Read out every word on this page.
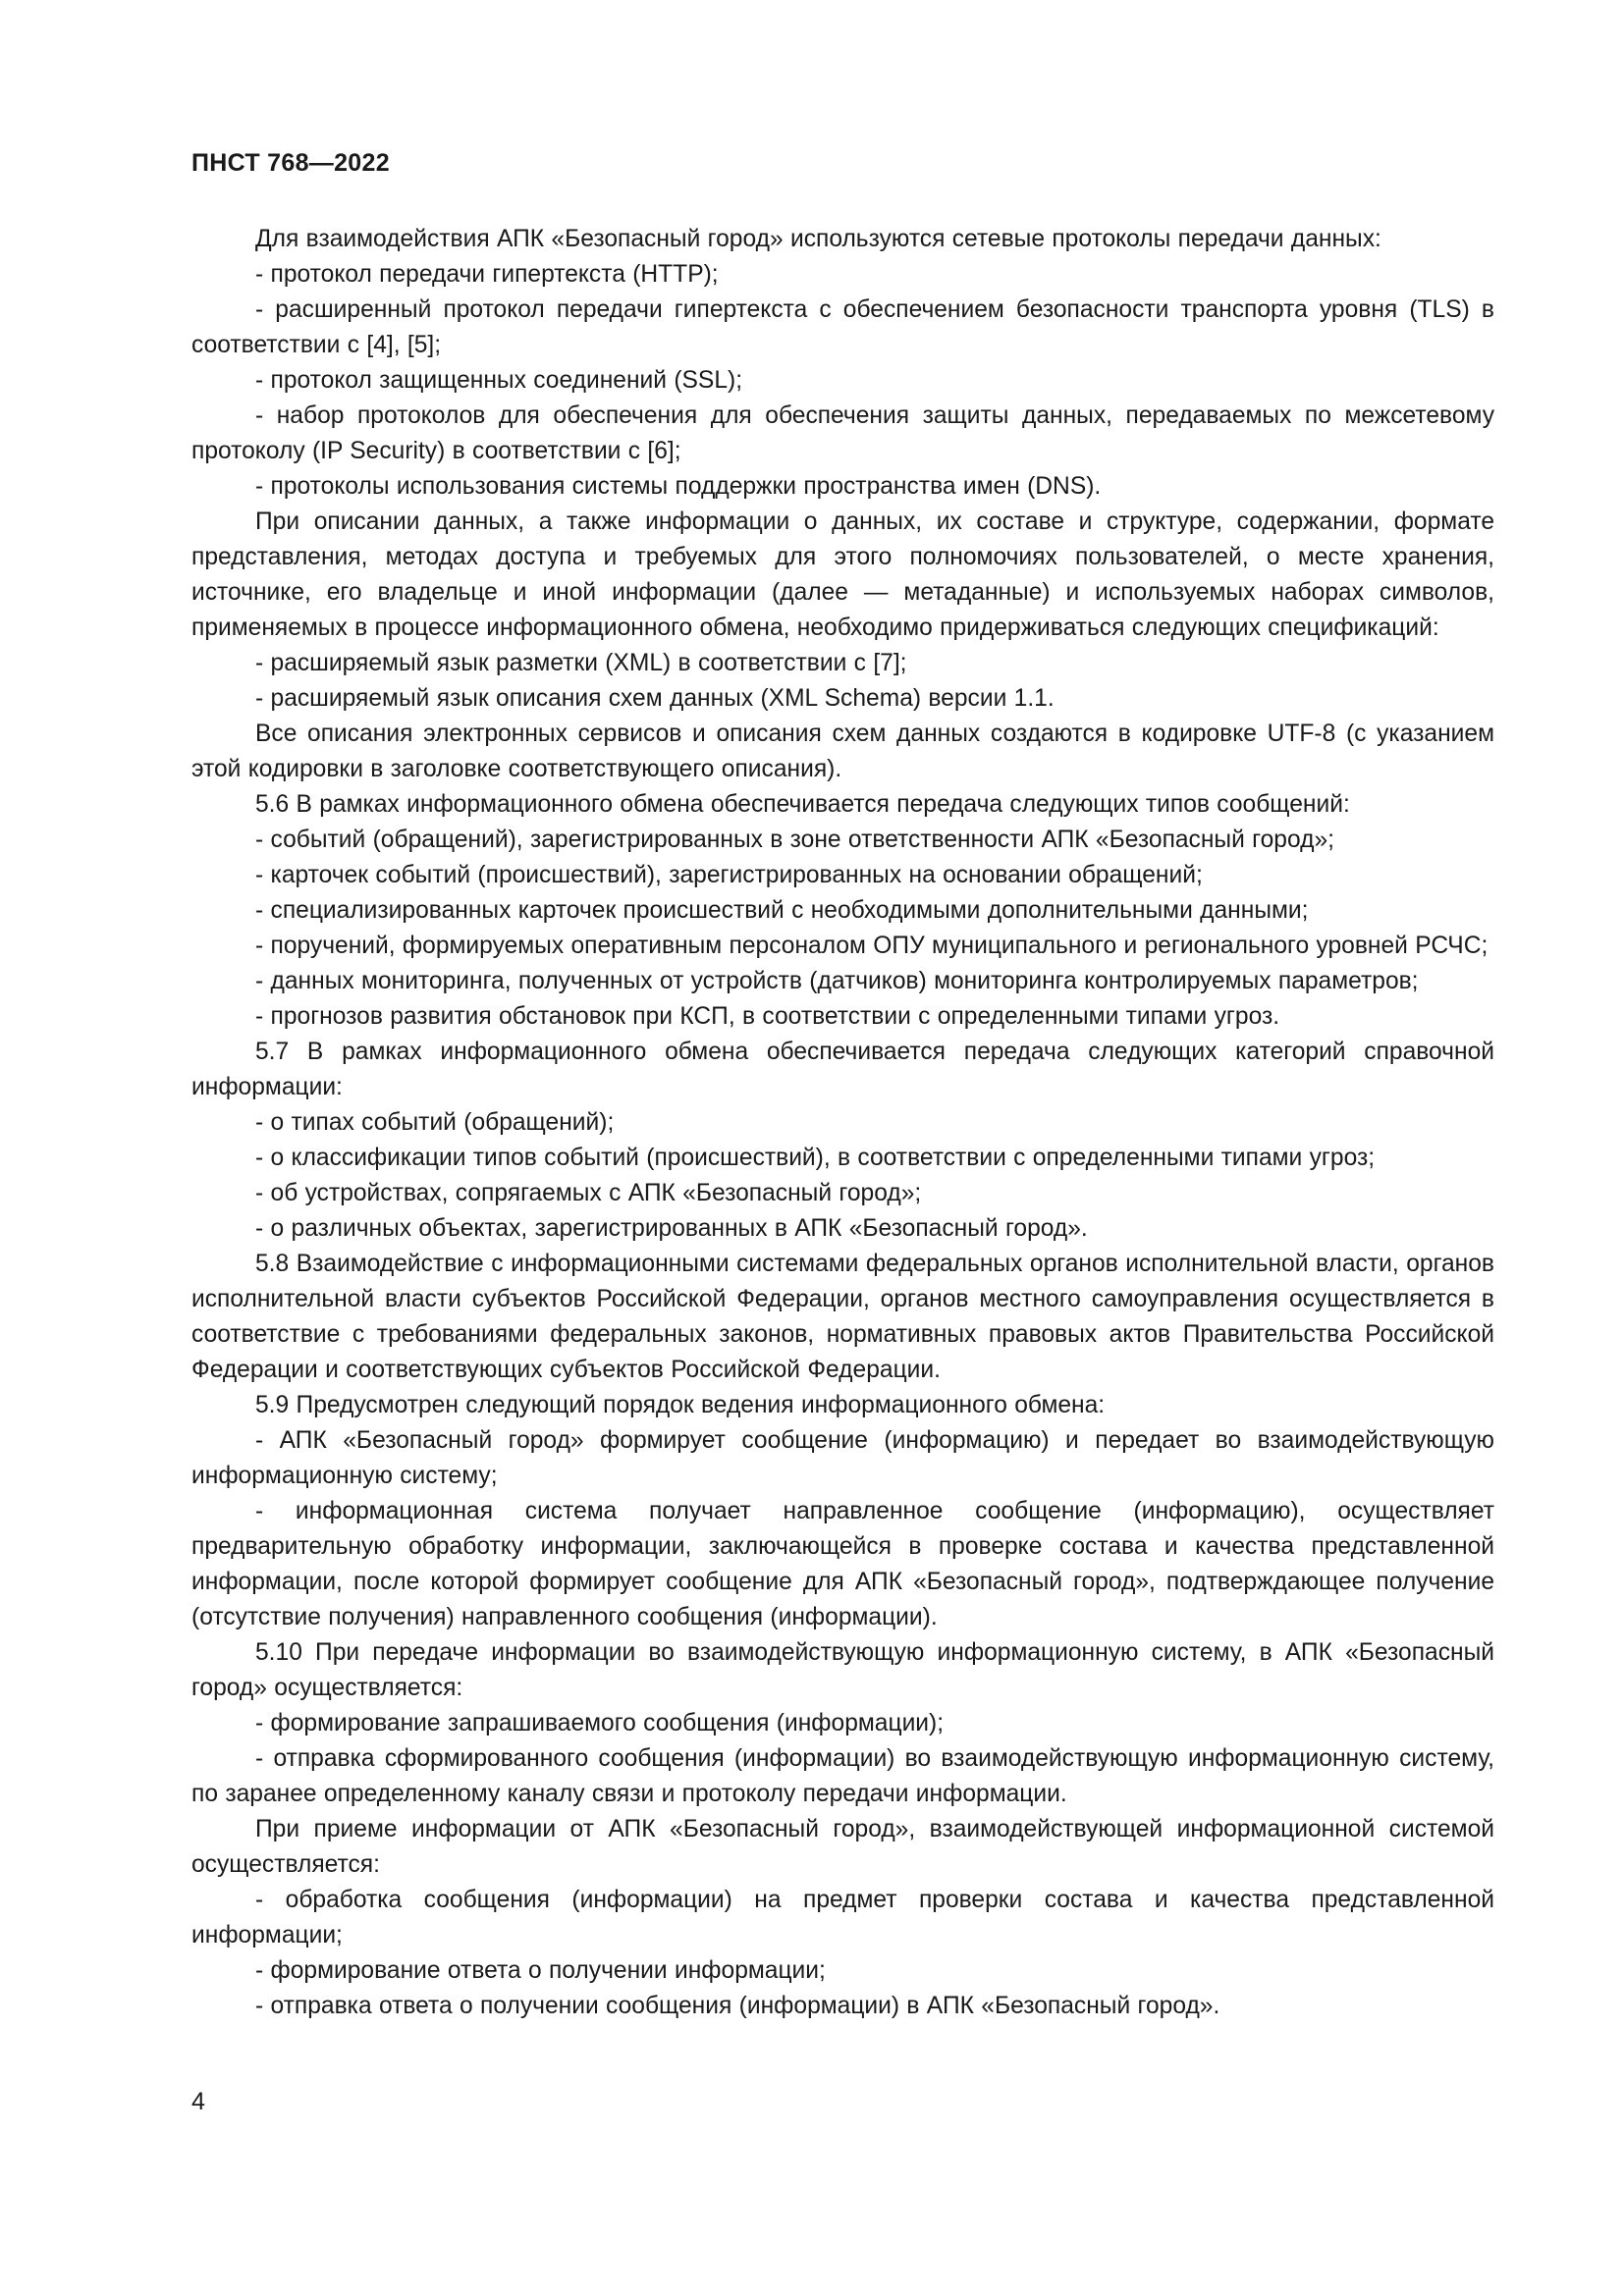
ПНСТ 768—2022

Для взаимодействия АПК «Безопасный город» используются сетевые протоколы передачи данных:

- протокол передачи гипертекста (HTTP);

- расширенный протокол передачи гипертекста с обеспечением безопасности транспорта уровня (TLS) в соответствии с [4], [5];

- протокол защищенных соединений (SSL);

- набор протоколов для обеспечения для обеспечения защиты данных, передаваемых по межсетевому протоколу (IP Security) в соответствии с [6];

- протоколы использования системы поддержки пространства имен (DNS).

При описании данных, а также информации о данных, их составе и структуре, содержании, формате представления, методах доступа и требуемых для этого полномочиях пользователей, о месте хранения, источнике, его владельце и иной информации (далее — метаданные) и используемых наборах символов, применяемых в процессе информационного обмена, необходимо придерживаться следующих спецификаций:

- расширяемый язык разметки (XML) в соответствии с [7];

- расширяемый язык описания схем данных (XML Schema) версии 1.1.

Все описания электронных сервисов и описания схем данных создаются в кодировке UTF-8 (с указанием этой кодировки в заголовке соответствующего описания).

5.6 В рамках информационного обмена обеспечивается передача следующих типов сообщений:

- событий (обращений), зарегистрированных в зоне ответственности АПК «Безопасный город»;

- карточек событий (происшествий), зарегистрированных на основании обращений;

- специализированных карточек происшествий с необходимыми дополнительными данными;

- поручений, формируемых оперативным персоналом ОПУ муниципального и регионального уровней РСЧС;

- данных мониторинга, полученных от устройств (датчиков) мониторинга контролируемых параметров;

- прогнозов развития обстановок при КСП, в соответствии с определенными типами угроз.

5.7 В рамках информационного обмена обеспечивается передача следующих категорий справочной информации:

- о типах событий (обращений);

- о классификации типов событий (происшествий), в соответствии с определенными типами угроз;

- об устройствах, сопрягаемых с АПК «Безопасный город»;

- о различных объектах, зарегистрированных в АПК «Безопасный город».

5.8 Взаимодействие с информационными системами федеральных органов исполнительной власти, органов исполнительной власти субъектов Российской Федерации, органов местного самоуправления осуществляется в соответствие с требованиями федеральных законов, нормативных правовых актов Правительства Российской Федерации и соответствующих субъектов Российской Федерации.

5.9 Предусмотрен следующий порядок ведения информационного обмена:

- АПК «Безопасный город» формирует сообщение (информацию) и передает во взаимодействующую информационную систему;

- информационная система получает направленное сообщение (информацию), осуществляет предварительную обработку информации, заключающейся в проверке состава и качества представленной информации, после которой формирует сообщение для АПК «Безопасный город», подтверждающее получение (отсутствие получения) направленного сообщения (информации).

5.10 При передаче информации во взаимодействующую информационную систему, в АПК «Безопасный город» осуществляется:

- формирование запрашиваемого сообщения (информации);

- отправка сформированного сообщения (информации) во взаимодействующую информационную систему, по заранее определенному каналу связи и протоколу передачи информации.

При приеме информации от АПК «Безопасный город», взаимодействующей информационной системой осуществляется:

- обработка сообщения (информации) на предмет проверки состава и качества представленной информации;

- формирование ответа о получении информации;

- отправка ответа о получении сообщения (информации) в АПК «Безопасный город».

4
